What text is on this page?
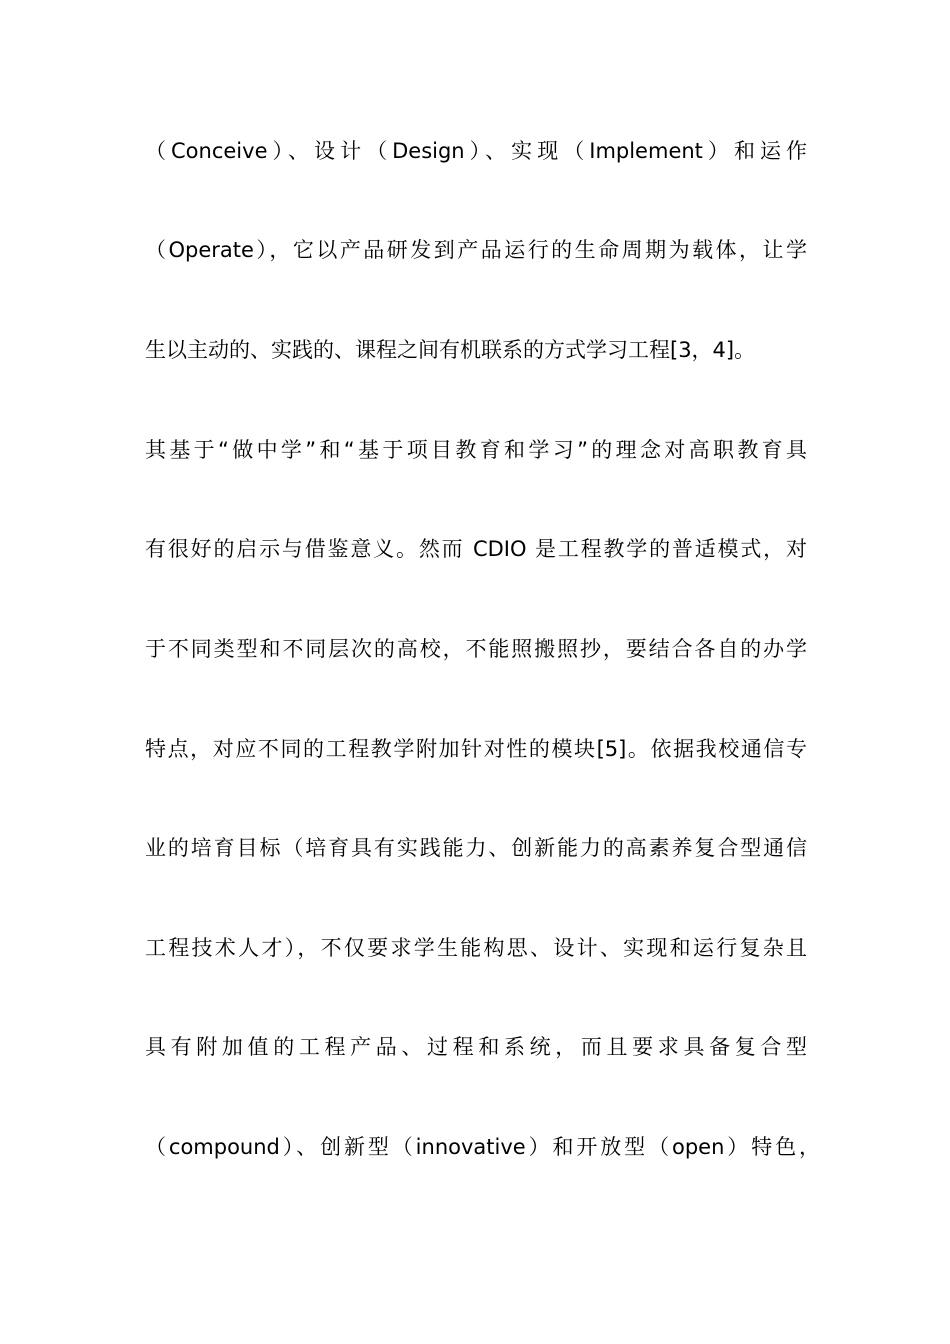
（Conceive）、设计（Design）、实现（Implement）和运作
（Operate），它以产品研发到产品运行的生命周期为载体，让学
生以主动的、实践的、课程之间有机联系的方式学习工程[3，4]。
其基于“做中学”和“基于项目教育和学习”的理念对高职教育具
有很好的启示与借鉴意义。然而 CDIO 是工程教学的普适模式，对
于不同类型和不同层次的高校，不能照搬照抄，要结合各自的办学
特点，对应不同的工程教学附加针对性的模块[5]。依据我校通信专
业的培育目标（培育具有实践能力、创新能力的高素养复合型通信
工程技术人才），不仅要求学生能构思、设计、实现和运行复杂且
具有附加值的工程产品、过程和系统，而且要求具备复合型
（compound）、创新型（innovative）和开放型（open）特色，
